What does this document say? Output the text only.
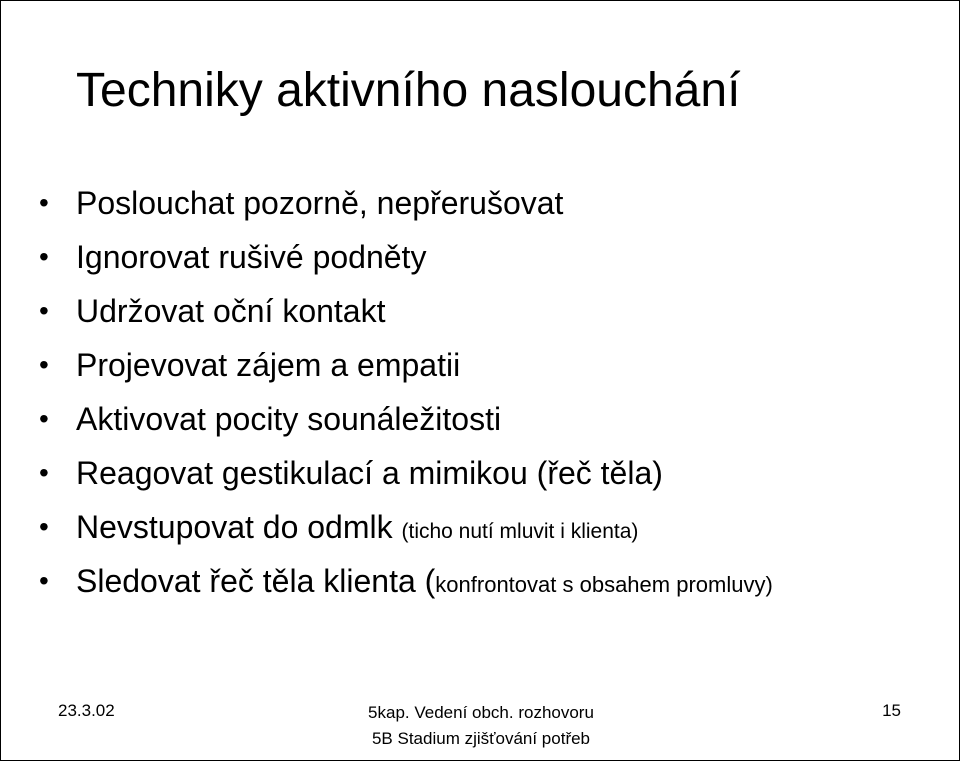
Techniky aktivního naslouchání
• Poslouchat pozorně, nepřerušovat
• Ignorovat rušivé podněty
• Udržovat oční kontakt
• Projevovat zájem a empatii
• Aktivovat pocity sounáležitosti
• Reagovat gestikulací a mimikou (řeč těla)
• Nevstupovat do odmlk (ticho nutí mluvit i klienta)
• Sledovat řeč těla klienta (konfrontovat s obsahem promluvy)
23.3.02	5kap. Vedení obch. rozhovoru
5B Stadium zjišťování potřeb
15
